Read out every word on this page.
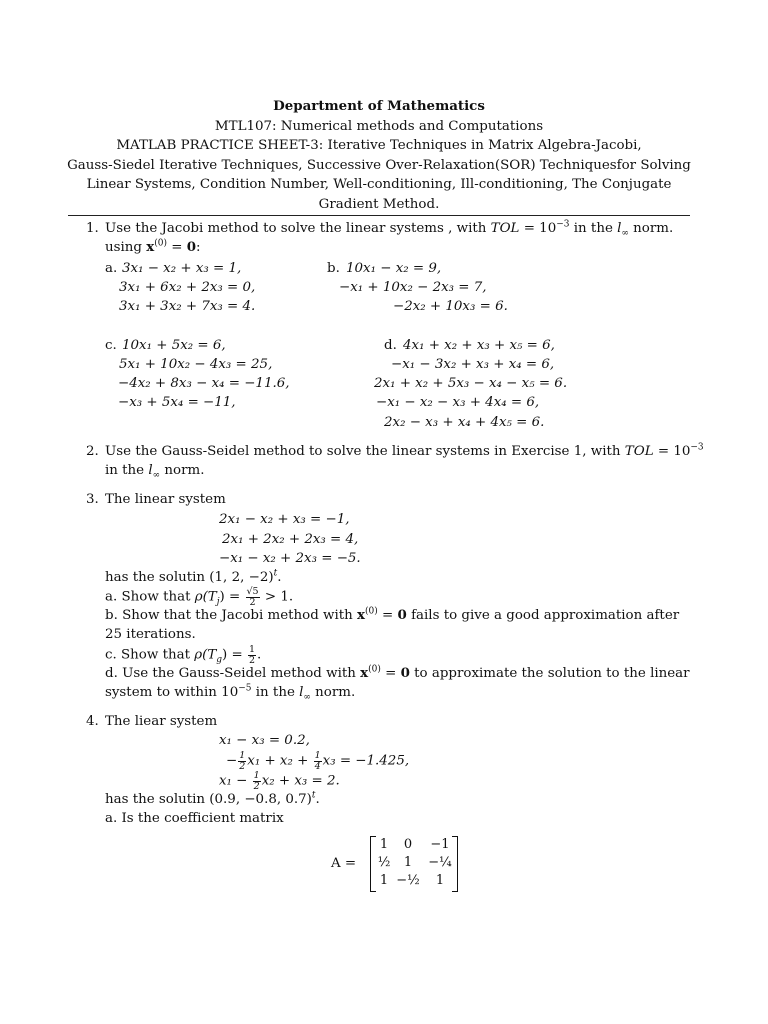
Department of Mathematics
MTL107: Numerical methods and Computations
MATLAB PRACTICE SHEET-3: Iterative Techniques in Matrix Algebra-Jacobi,
Gauss-Siedel Iterative Techniques, Successive Over-Relaxation(SOR) Techniquesfor Solving
Linear Systems, Condition Number, Well-conditioning, Ill-conditioning, The Conjugate
Gradient Method.
1. Use the Jacobi method to solve the linear systems , with TOL = $10^{-3}$ in the $l_\infty$ norm.
using $x^{(0)} = 0$:
a. 3x₁ − x₂ + x₃ = 1,
3x₁ + 6x₂ + 2x₃ = 0,
3x₁ + 3x₂ + 7x₃ = 4.
b. 10x₁ − x₂ = 9,
−x₁ + 10x₂ − 2x₃ = 7,
−2x₂ + 10x₃ = 6.
c. 10x₁ + 5x₂ = 6,
5x₁ + 10x₂ − 4x₃ = 25,
−4x₂ + 8x₃ − x₄ = −11.6,
−x₃ + 5x₄ = −11,
d. 4x₁ + x₂ + x₃ + x₅ = 6,
−x₁ − 3x₂ + x₃ + x₄ = 6,
2x₁ + x₂ + 5x₃ − x₄ − x₅ = 6.
−x₁ − x₂ − x₃ + 4x₄ = 6,
2x₂ − x₃ + x₄ + 4x₅ = 6.
2. Use the Gauss-Seidel method to solve the linear systems in Exercise 1, with TOL = $10^{-3}$
in the $l_\infty$ norm.
3. The linear system
2x₁ − x₂ + x₃ = −1,
2x₁ + 2x₂ + 2x₃ = 4,
−x₁ − x₂ + 2x₃ = −5.
has the solutin (1, 2, −2)$^t$.
a. Show that $\rho(T_j) = \frac{√5}{2} > 1$.
b. Show that the Jacobi method with $x^{(0)} = 0$ fails to give a good approximation after
25 iterations.
c. Show that $\rho(T_g) = \frac{1}{2}$ .
d. Use the Gauss-Seidel method with $x^{(0)} = 0$ to approximate the solution to the linear
system to within $10^{-5}$ in the $l_\infty$ norm.
4. The liear system
x₁ − x₃ = 0.2,
− $\frac{1}{2} x_1 + x_2 + \frac{1}{4} x_3 = -1.425$,
$x_1 - \frac{1}{2} x_2 + x_3 = 2$.
has the solutin (0.9, −0.8, 0.7)$^t$.
a. Is the coefficient matrix
A =
1	0	−1
½	1	−¼
1 −½	1
